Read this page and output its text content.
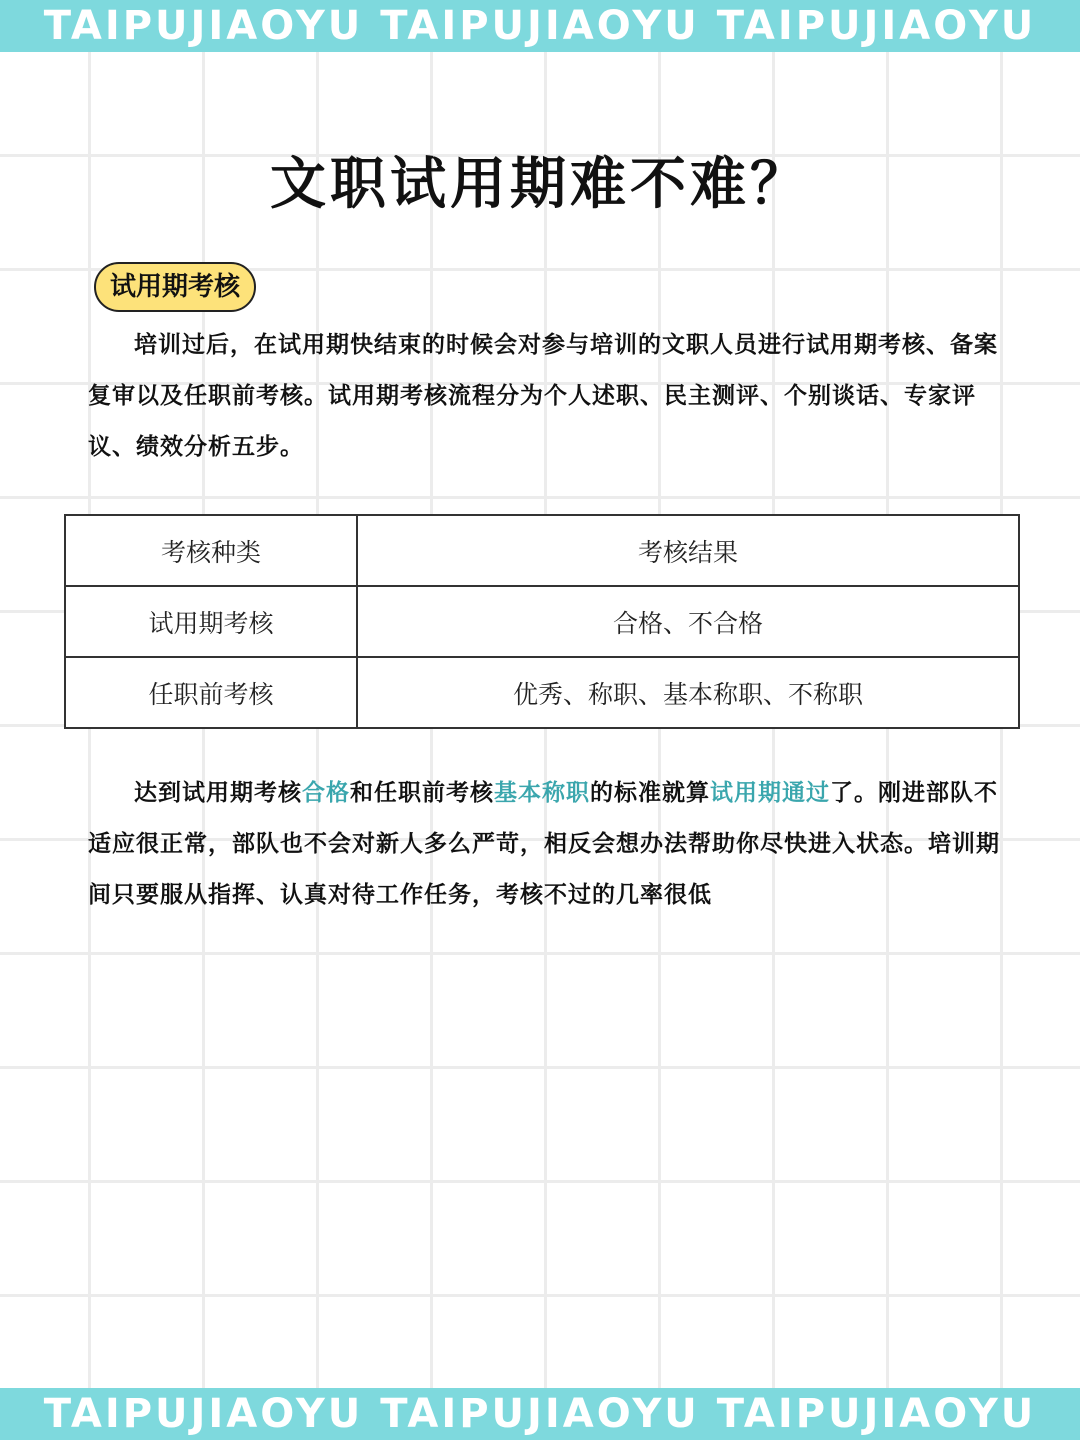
TAIPUJIAOYU TAIPUJIAOYU TAIPUJIAOYU
文职试用期难不难？
试用期考核

培训过后，在试用期快结束的时候会对参与培训的文职人员进行试用期考核、备案复审以及任职前考核。试用期考核流程分为个人述职、民主测评、个别谈话、专家评议、绩效分析五步。

考核种类	考核结果
试用期考核	合格、不合格
任职前考核	优秀、称职、基本称职、不称职

达到试用期考核合格和任职前考核基本称职的标准就算试用期通过了。刚进部队不适应很正常，部队也不会对新人多么严苛，相反会想办法帮助你尽快进入状态。培训期间只要服从指挥、认真对待工作任务，考核不过的几率很低

TAIPUJIAOYU TAIPUJIAOYU TAIPUJIAOYU
